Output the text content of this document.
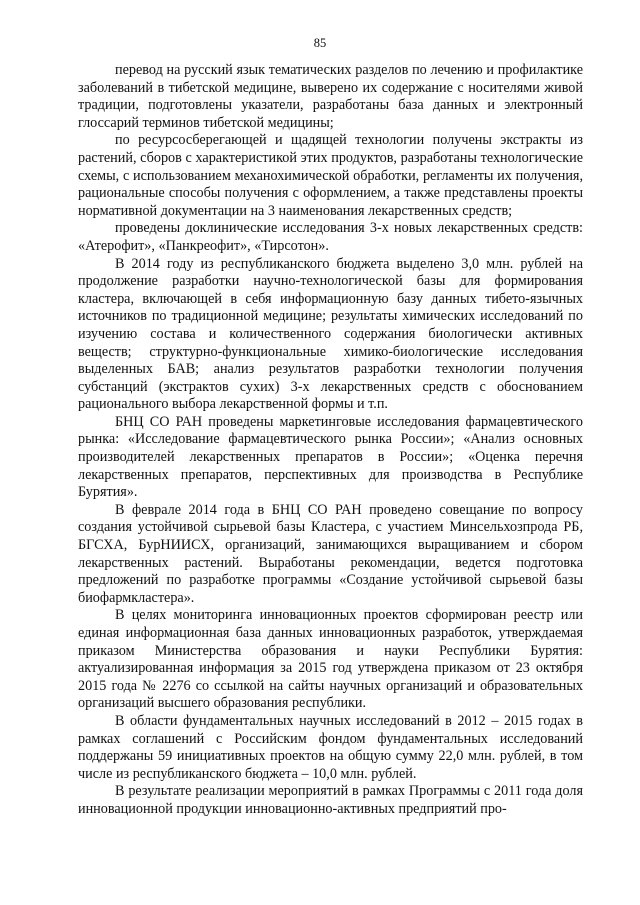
85

перевод на русский язык тематических разделов по лечению и профилактике заболеваний в тибетской медицине, выверено их содержание с носителями живой традиции, подготовлены указатели, разработаны база данных и электронный глоссарий терминов тибетской медицины;

по ресурсосберегающей и щадящей технологии получены экстракты из растений, сборов с характеристикой этих продуктов, разработаны технологические схемы, с использованием механохимической обработки, регламенты их получения, рациональные способы получения с оформлением, а также представлены проекты нормативной документации на 3 наименования лекарственных средств;

проведены доклинические исследования 3-х новых лекарственных средств: «Атерофит», «Панкреофит», «Тирсотон».

В 2014 году из республиканского бюджета выделено 3,0 млн. рублей на продолжение разработки научно-технологической базы для формирования кластера, включающей в себя информационную базу данных тибето-язычных источников по традиционной медицине; результаты химических исследований по изучению состава и количественного содержания биологически активных веществ; структурно-функциональные химико-биологические исследования выделенных БАВ; анализ результатов разработки технологии получения субстанций (экстрактов сухих) 3-х лекарственных средств с обоснованием рационального выбора лекарственной формы и т.п.

БНЦ СО РАН проведены маркетинговые исследования фармацевтического рынка: «Исследование фармацевтического рынка России»; «Анализ основных производителей лекарственных препаратов в России»; «Оценка перечня лекарственных препаратов, перспективных для производства в Республике Бурятия».

В феврале 2014 года в БНЦ СО РАН проведено совещание по вопросу создания устойчивой сырьевой базы Кластера, с участием Минсельхозпрода РБ, БГСХА, БурНИИСХ, организаций, занимающихся выращиванием и сбором лекарственных растений. Выработаны рекомендации, ведется подготовка предложений по разработке программы «Создание устойчивой сырьевой базы биофармкластера».

В целях мониторинга инновационных проектов сформирован реестр или единая информационная база данных инновационных разработок, утверждаемая приказом Министерства образования и науки Республики Бурятия: актуализированная информация за 2015 год утверждена приказом от 23 октября 2015 года № 2276 со ссылкой на сайты научных организаций и образовательных организаций высшего образования республики.

В области фундаментальных научных исследований в 2012 – 2015 годах в рамках соглашений с Российским фондом фундаментальных исследований поддержаны 59 инициативных проектов на общую сумму 22,0 млн. рублей, в том числе из республиканского бюджета – 10,0 млн. рублей.

В результате реализации мероприятий в рамках Программы с 2011 года доля инновационной продукции инновационно-активных предприятий про-
